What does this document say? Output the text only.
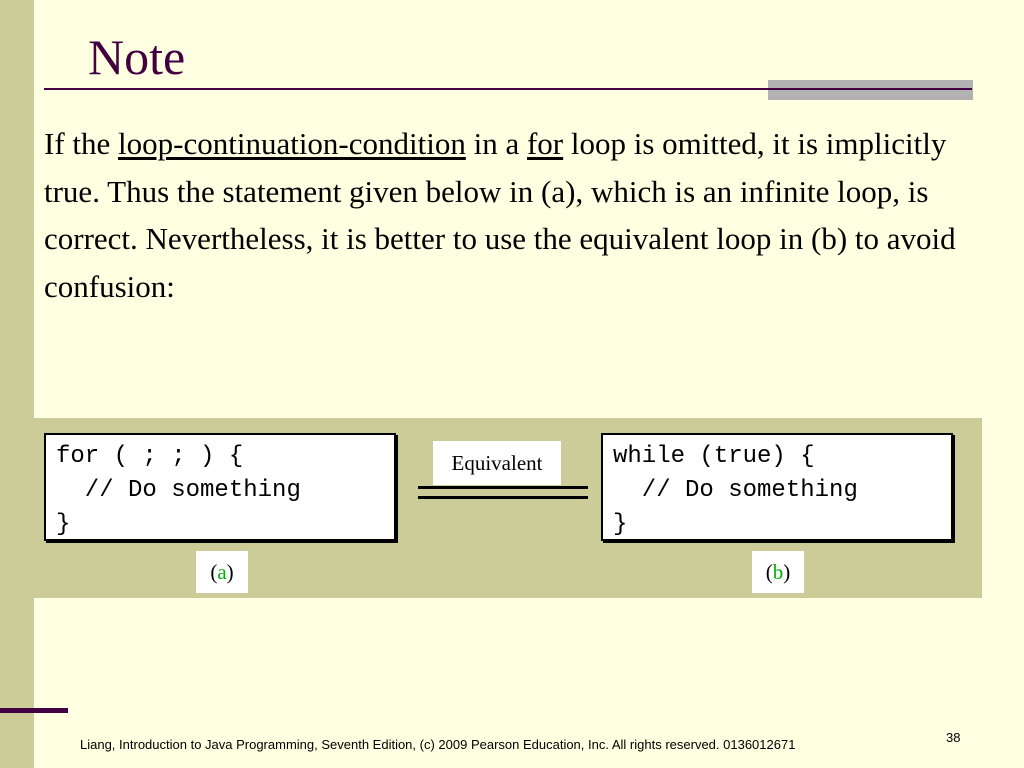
Note
If the loop-continuation-condition in a for loop is omitted, it is implicitly true. Thus the statement given below in (a), which is an infinite loop, is correct. Nevertheless, it is better to use the equivalent loop in (b) to avoid confusion:
for ( ; ; ) {
// Do something
}
while (true) {
// Do something
}
Equivalent
(a)	(b)
Liang, Introduction to Java Programming, Seventh Edition, (c) 2009 Pearson Education, Inc. All rights reserved. 0136012671	38
